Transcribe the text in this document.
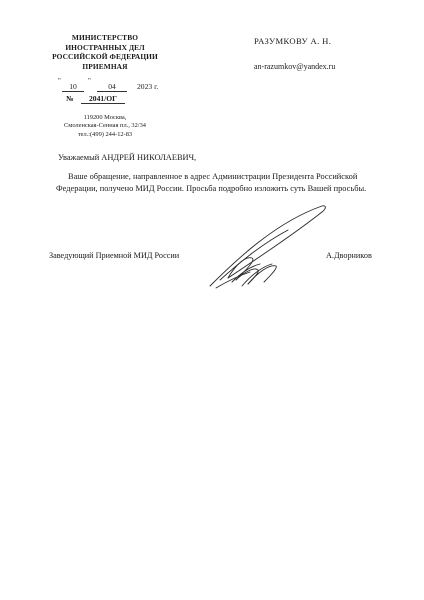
МИНИСТЕРСТВО
ИНОСТРАННЫХ ДЕЛ
РОССИЙСКОЙ ФЕДЕРАЦИИ
ПРИЕМНАЯ
"
10
"
04	2023 г.
№	2041/ОГ
119200 Москва,
Смоленская-Сенная пл., 32/34
тел.:(499) 244-12-83
РАЗУМКОВУ А. Н.
an-razumkov@yandex.ru
Уважаемый АНДРЕЙ НИКОЛАЕВИЧ,
Ваше обращение, направленное в адрес Администрации Президента Российской
Федерации, получено МИД России. Просьба подробно изложить суть Вашей просьбы.
Заведующий Приемной МИД России	А.Дворников
